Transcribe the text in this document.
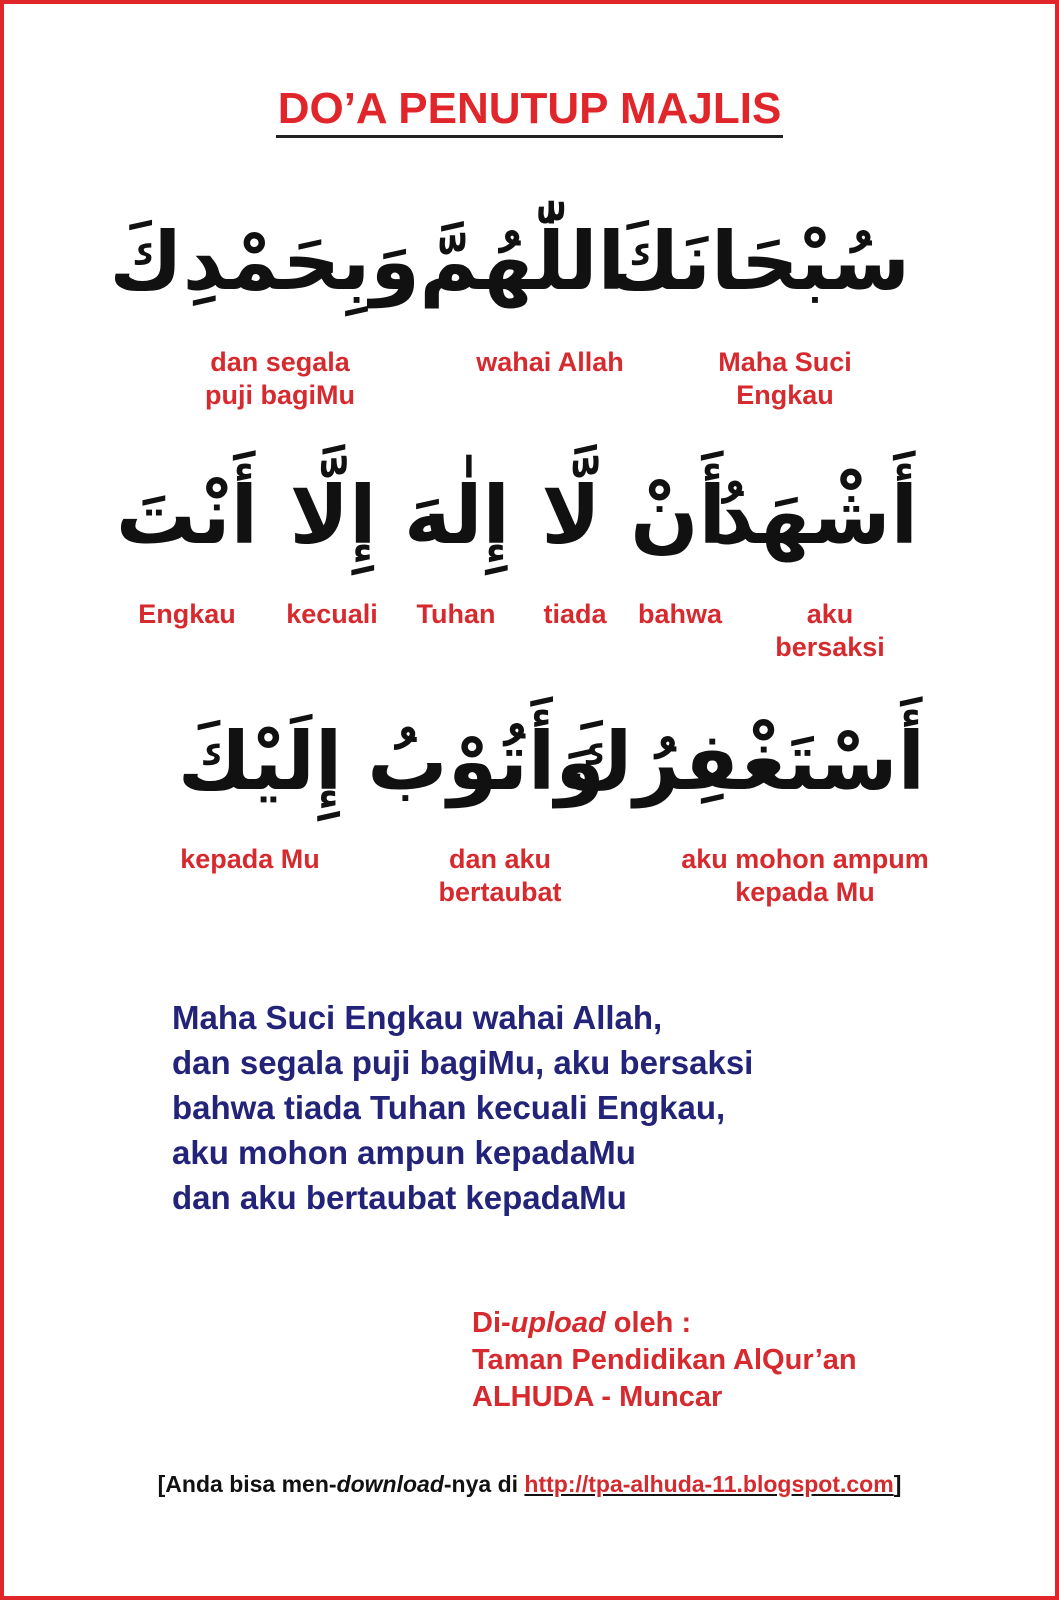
DO’A PENUTUP MAJLIS
سُبْحَانَكَ
اللّٰهُمَّ
وَبِحَمْدِكَ
Maha Suci
Engkau
wahai Allah
dan segala
puji bagiMu
أَشْهَدُ
أَنْ
لَّا
إِلٰهَ
إِلَّا
أَنْتَ
aku
bersaksi
bahwa
tiada
Tuhan
kecuali
Engkau
أَسْتَغْفِرُكَ
وَأَتُوْبُ
إِلَيْكَ
aku mohon ampum
kepada Mu
dan aku
bertaubat
kepada Mu
Maha Suci Engkau wahai Allah,
dan segala puji bagiMu, aku bersaksi
bahwa tiada Tuhan kecuali Engkau,
aku mohon ampun kepadaMu
dan aku bertaubat kepadaMu
Di-upload oleh :
Taman Pendidikan AlQur’an
ALHUDA - Muncar
[Anda bisa men-download-nya di http://tpa-alhuda-11.blogspot.com]
